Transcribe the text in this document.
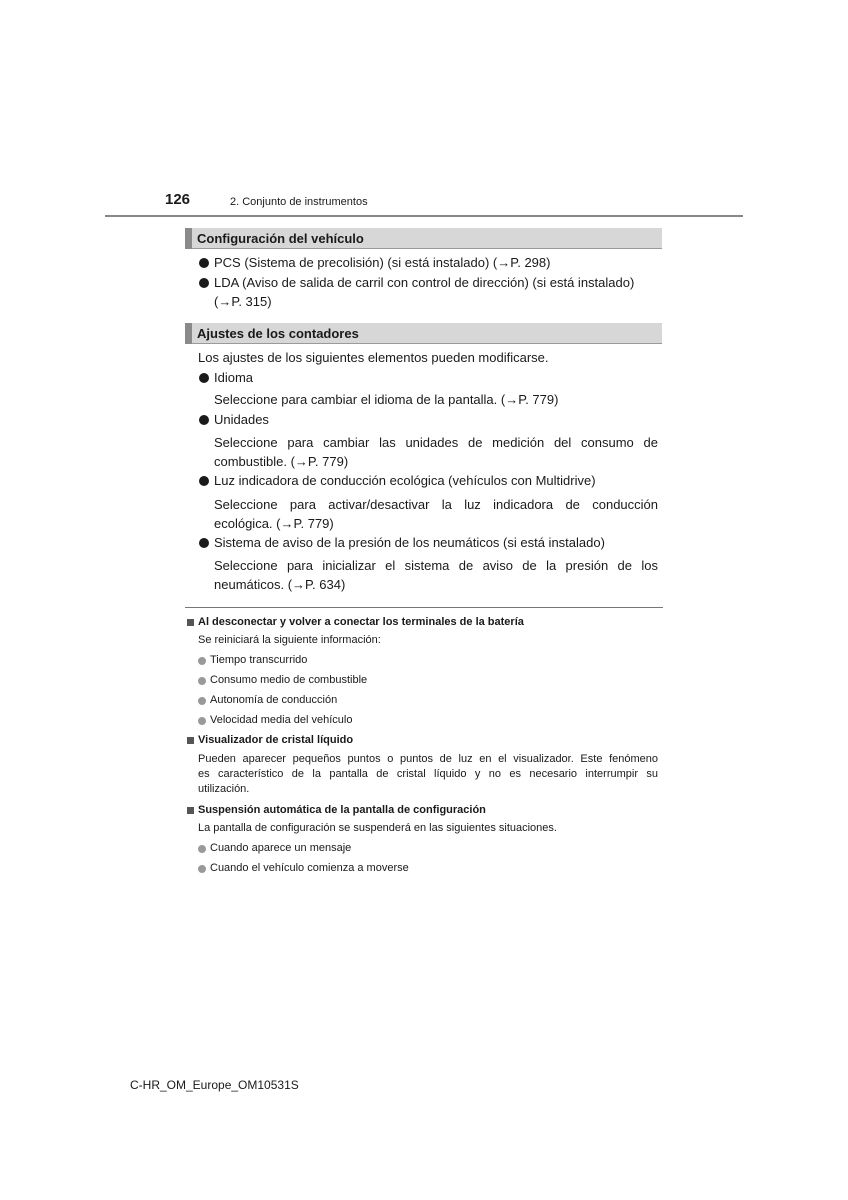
126	2. Conjunto de instrumentos
Configuración del vehículo
PCS (Sistema de precolisión) (si está instalado) (→P. 298)
LDA (Aviso de salida de carril con control de dirección) (si está instalado)
(→P. 315)
Ajustes de los contadores
Los ajustes de los siguientes elementos pueden modificarse.
Idioma
Seleccione para cambiar el idioma de la pantalla. (→P. 779)
Unidades
Seleccione para cambiar las unidades de medición del consumo de
combustible. (→P. 779)
Luz indicadora de conducción ecológica (vehículos con Multidrive)
Seleccione para activar/desactivar la luz indicadora de conducción
ecológica. (→P. 779)
Sistema de aviso de la presión de los neumáticos (si está instalado)
Seleccione para inicializar el sistema de aviso de la presión de los
neumáticos. (→P. 634)
Al desconectar y volver a conectar los terminales de la batería
Se reiniciará la siguiente información:
Tiempo transcurrido
Consumo medio de combustible
Autonomía de conducción
Velocidad media del vehículo
Visualizador de cristal líquido
Pueden aparecer pequeños puntos o puntos de luz en el visualizador. Este fenómeno
es característico de la pantalla de cristal líquido y no es necesario interrumpir su
utilización.
Suspensión automática de la pantalla de configuración
La pantalla de configuración se suspenderá en las siguientes situaciones.
Cuando aparece un mensaje
Cuando el vehículo comienza a moverse
C-HR_OM_Europe_OM10531S
